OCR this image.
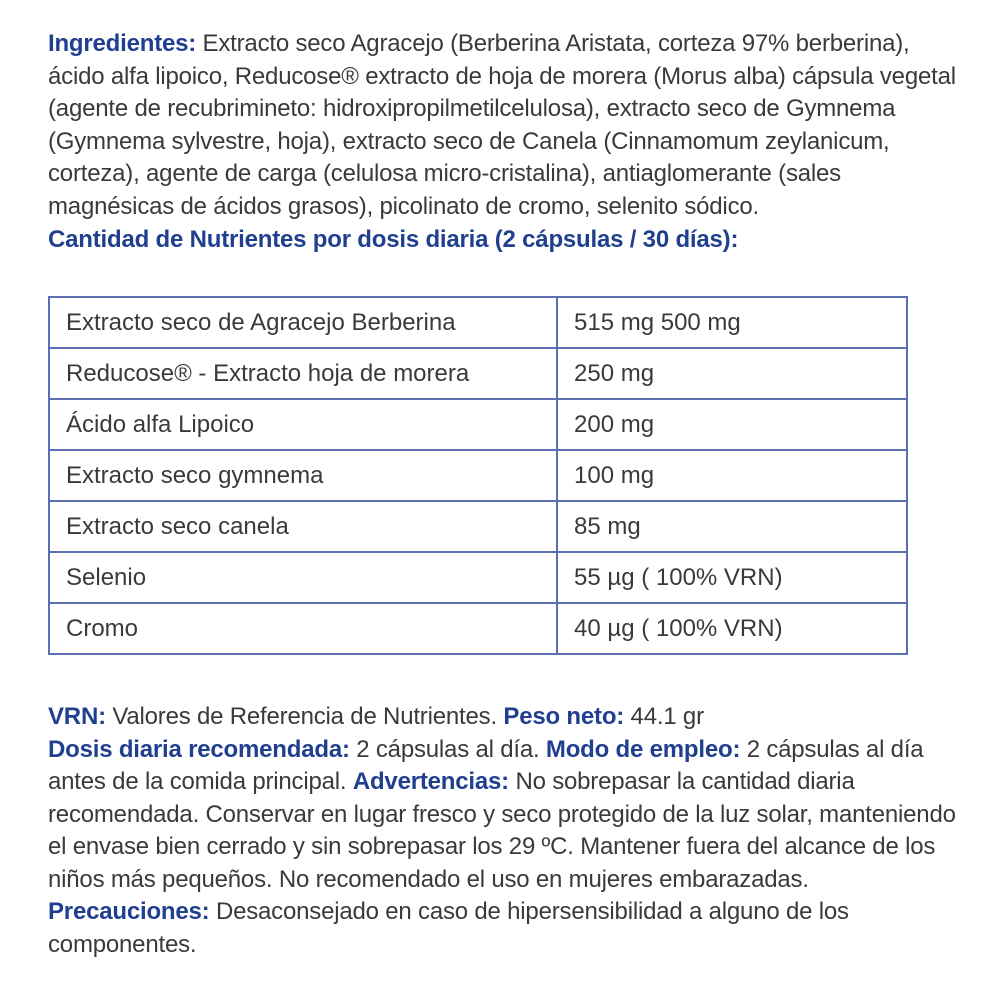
Ingredientes: Extracto seco Agracejo (Berberina Aristata, corteza 97% berberina), ácido alfa lipoico, Reducose® extracto de hoja de morera (Morus alba) cápsula vegetal (agente de recubrimineto: hidroxipropilmetilcelulosa), extracto seco de Gymnema (Gymnema sylvestre, hoja), extracto seco de Canela (Cinnamomum zeylanicum, corteza), agente de carga (celulosa micro-cristalina), antiaglomerante (sales magnésicas de ácidos grasos), picolinato de cromo, selenito sódico.

Cantidad de Nutrientes por dosis diaria (2 cápsulas / 30 días):

Extracto seco de Agracejo Berberina	515 mg 500 mg
Reducose® - Extracto hoja de morera	250 mg
Ácido alfa Lipoico	200 mg
Extracto seco gymnema	100 mg
Extracto seco canela	85 mg
Selenio	55 µg ( 100% VRN)
Cromo	40 µg ( 100% VRN)

VRN: Valores de Referencia de Nutrientes. Peso neto: 44.1 gr

Dosis diaria recomendada: 2 cápsulas al día. Modo de empleo: 2 cápsulas al día antes de la comida principal. Advertencias: No sobrepasar la cantidad diaria recomendada. Conservar en lugar fresco y seco protegido de la luz solar, manteniendo el envase bien cerrado y sin sobrepasar los 29 ºC. Mantener fuera del alcance de los niños más pequeños. No recomendado el uso en mujeres embarazadas. Precauciones: Desaconsejado en caso de hipersensibilidad a alguno de los componentes.
